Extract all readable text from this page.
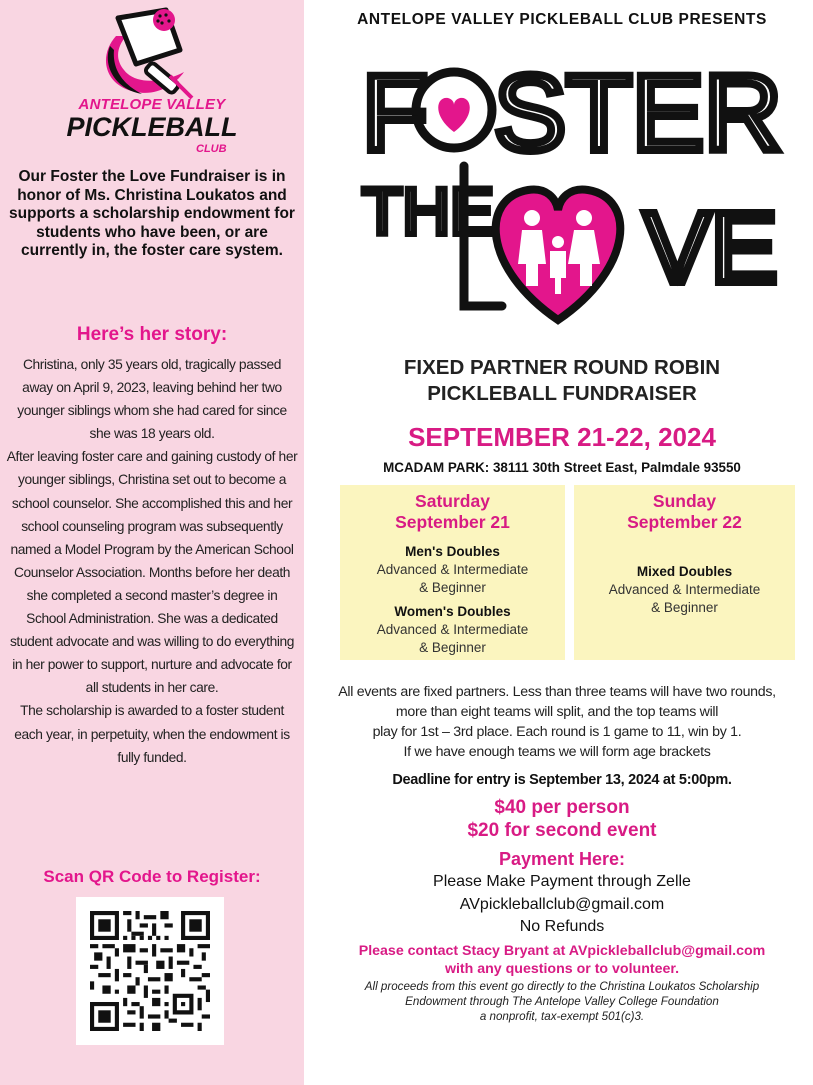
ANTELOPE VALLEY
PICKLEBALL
CLUB
Our Foster the Love Fundraiser is in honor of Ms. Christina Loukatos and supports a scholarship endowment for students who have been, or are currently in, the foster care system.
Here’s her story:

Christina, only 35 years old, tragically passed away on April 9, 2023, leaving behind her two younger siblings whom she had cared for since she was 18 years old.

After leaving foster care and gaining custody of her younger siblings, Christina set out to become a school counselor. She accomplished this and her school counseling program was subsequently named a Model Program by the American School Counselor Association. Months before her death she completed a second master’s degree in School Administration. She was a dedicated student advocate and was willing to do everything in her power to support, nurture and advocate for all students in her care.

The scholarship is awarded to a foster student each year, in perpetuity, when the endowment is fully funded.

Scan QR Code to Register:
ANTELOPE VALLEY PICKLEBALL CLUB PRESENTS
F STER
THE VE
FIXED PARTNER ROUND ROBIN
PICKLEBALL FUNDRAISER
SEPTEMBER 21-22, 2024
MCADAM PARK: 38111 30th Street East, Palmdale 93550
Saturday
September 21
Men's Doubles
Advanced & Intermediate
& Beginner
Women's Doubles
Advanced & Intermediate
& Beginner
Sunday
September 22
Mixed Doubles
Advanced & Intermediate
& Beginner
All events are fixed partners. Less than three teams will have two rounds,
more than eight teams will split, and the top teams will
play for 1st – 3rd place. Each round is 1 game to 11, win by 1.
If we have enough teams we will form age brackets
Deadline for entry is September 13, 2024 at 5:00pm.
$40 per person
$20 for second event
Payment Here:
Please Make Payment through Zelle
AVpickleballclub@gmail.com
No Refunds
Please contact Stacy Bryant at AVpickleballclub@gmail.com
with any questions or to volunteer.
All proceeds from this event go directly to the Christina Loukatos Scholarship
Endowment through The Antelope Valley College Foundation
a nonprofit, tax-exempt 501(c)3.
